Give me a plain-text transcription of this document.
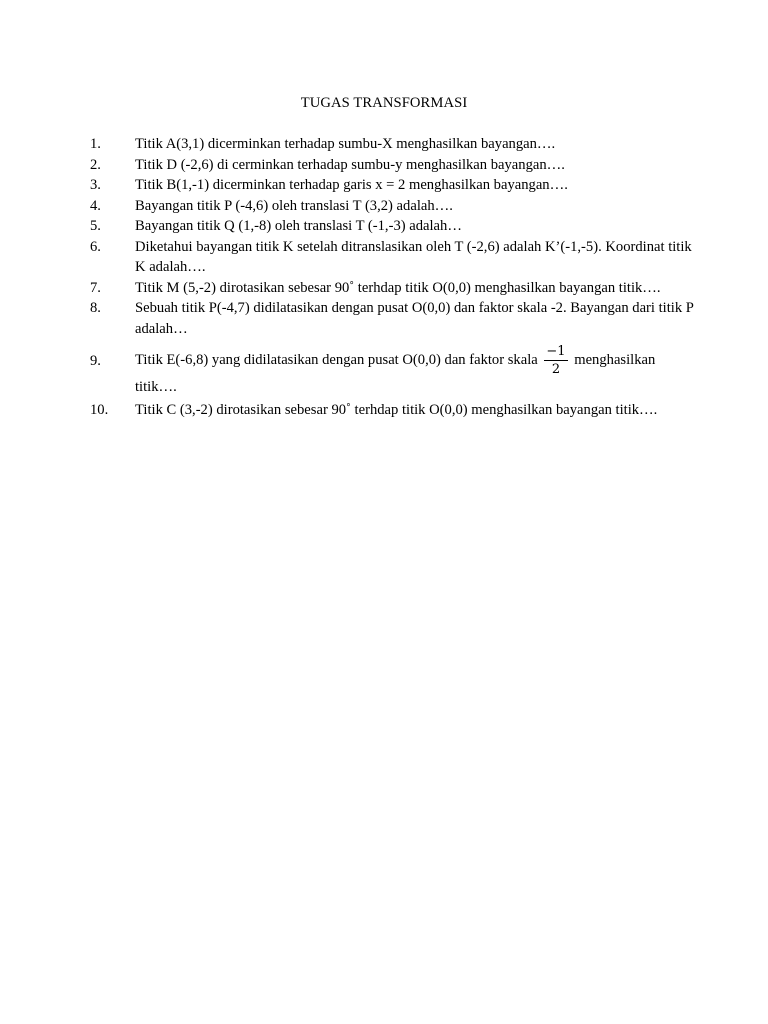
TUGAS TRANSFORMASI
1.	Titik A(3,1) dicerminkan terhadap sumbu-X menghasilkan bayangan….
2.	Titik D (-2,6) di cerminkan terhadap sumbu-y menghasilkan bayangan….
3.	Titik B(1,-1) dicerminkan terhadap garis x = 2 menghasilkan bayangan….
4.	Bayangan titik P (-4,6) oleh translasi T (3,2) adalah….
5.	Bayangan titik Q (1,-8) oleh translasi T (-1,-3) adalah…
6.	Diketahui bayangan titik K setelah ditranslasikan oleh T (-2,6) adalah K’(-1,-5). Koordinat titik K adalah….
7.	Titik M (5,-2) dirotasikan sebesar 90˚ terhdap titik O(0,0) menghasilkan bayangan titik….
8.	Sebuah titik P(-4,7) didilatasikan dengan pusat O(0,0) dan faktor skala -2. Bayangan dari titik P adalah…
9.	Titik E(-6,8) yang didilatasikan dengan pusat O(0,0) dan faktor skala $\frac{-1}{2}$ menghasilkan
titik….
10.	Titik C (3,-2) dirotasikan sebesar 90˚ terhdap titik O(0,0) menghasilkan bayangan titik….
